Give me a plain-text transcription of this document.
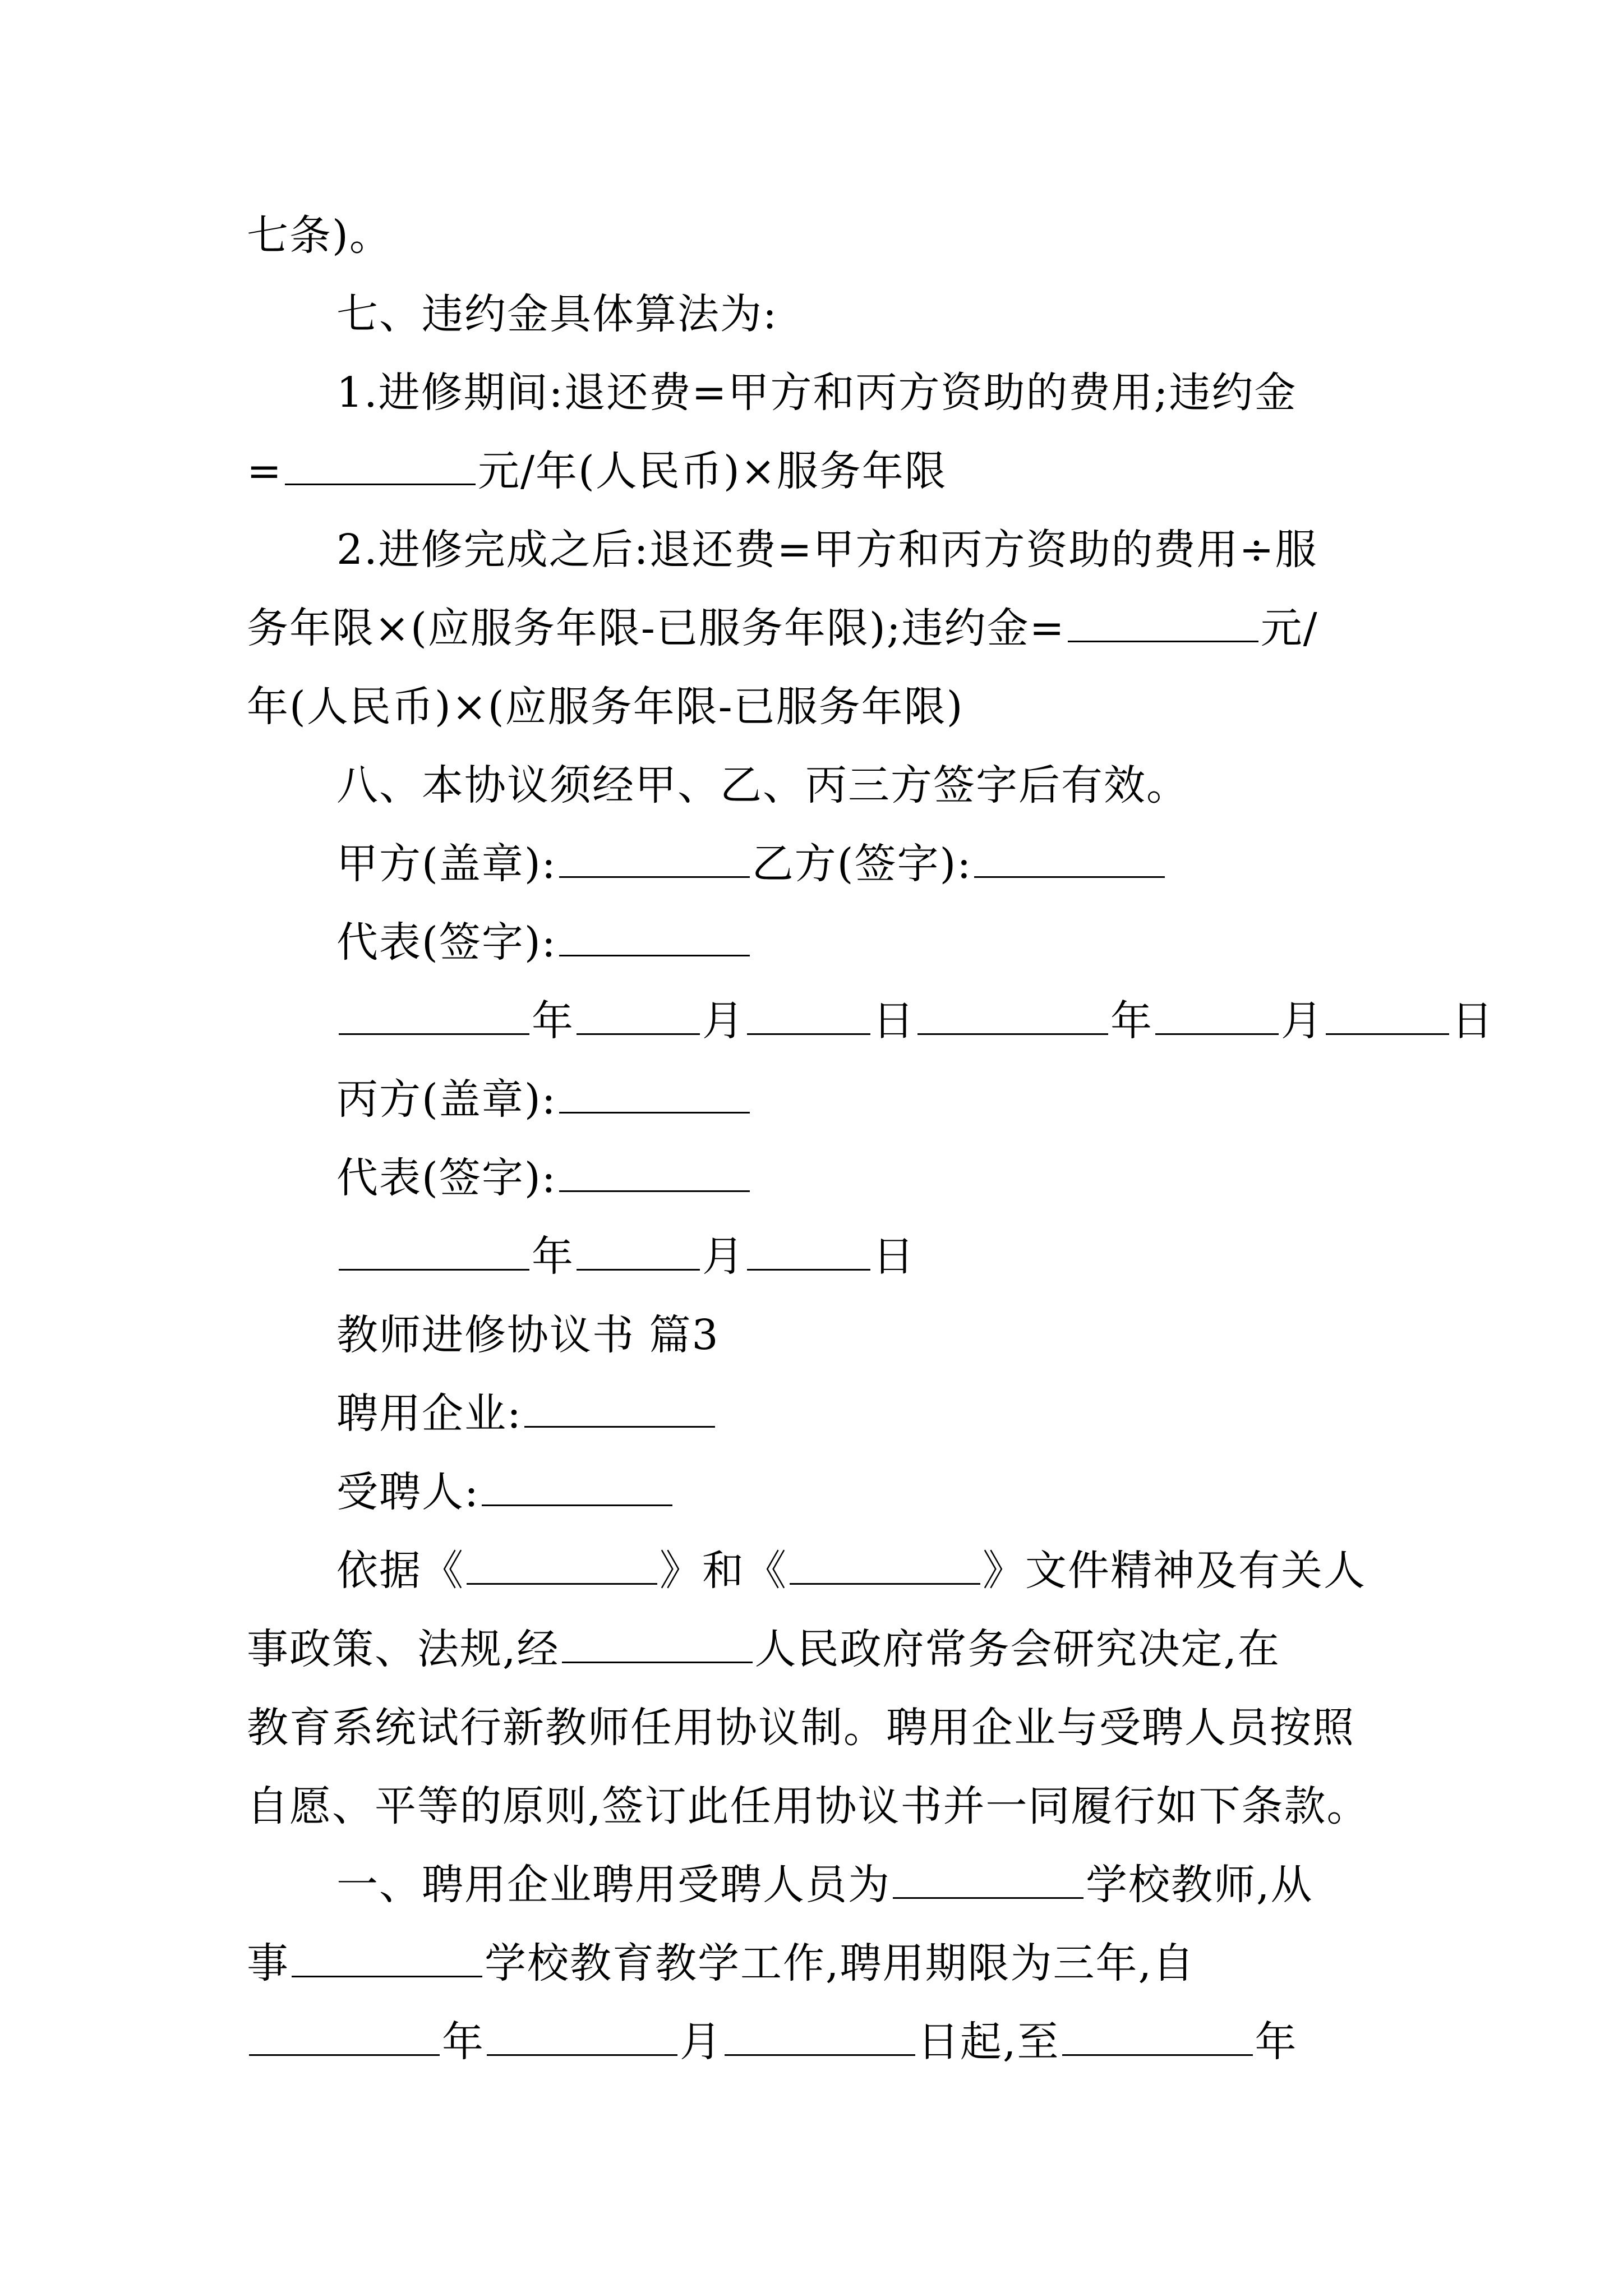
七条)。
七、违约金具体算法为:
1.进修期间:退还费=甲方和丙方资助的费用;违约金
=	元/年(人民币)×服务年限
2.进修完成之后:退还费=甲方和丙方资助的费用÷服
务年限×(应服务年限-已服务年限);违约金=	元/
年(人民币)×(应服务年限-已服务年限)
八、本协议须经甲、乙、丙三方签字后有效。
甲方(盖章):	乙方(签字):
代表(签字):
年	月	日	年	月	日
丙方(盖章):
代表(签字):
年	月	日
教师进修协议书 篇3
聘用企业:
受聘人:
依据《	》和《	》文件精神及有关人
事政策、法规,经	人民政府常务会研究决定,在
教育系统试行新教师任用协议制。聘用企业与受聘人员按照
自愿、平等的原则,签订此任用协议书并一同履行如下条款。
一、聘用企业聘用受聘人员为	学校教师,从
事	学校教育教学工作,聘用期限为三年,自
年	月	日起,至	年
